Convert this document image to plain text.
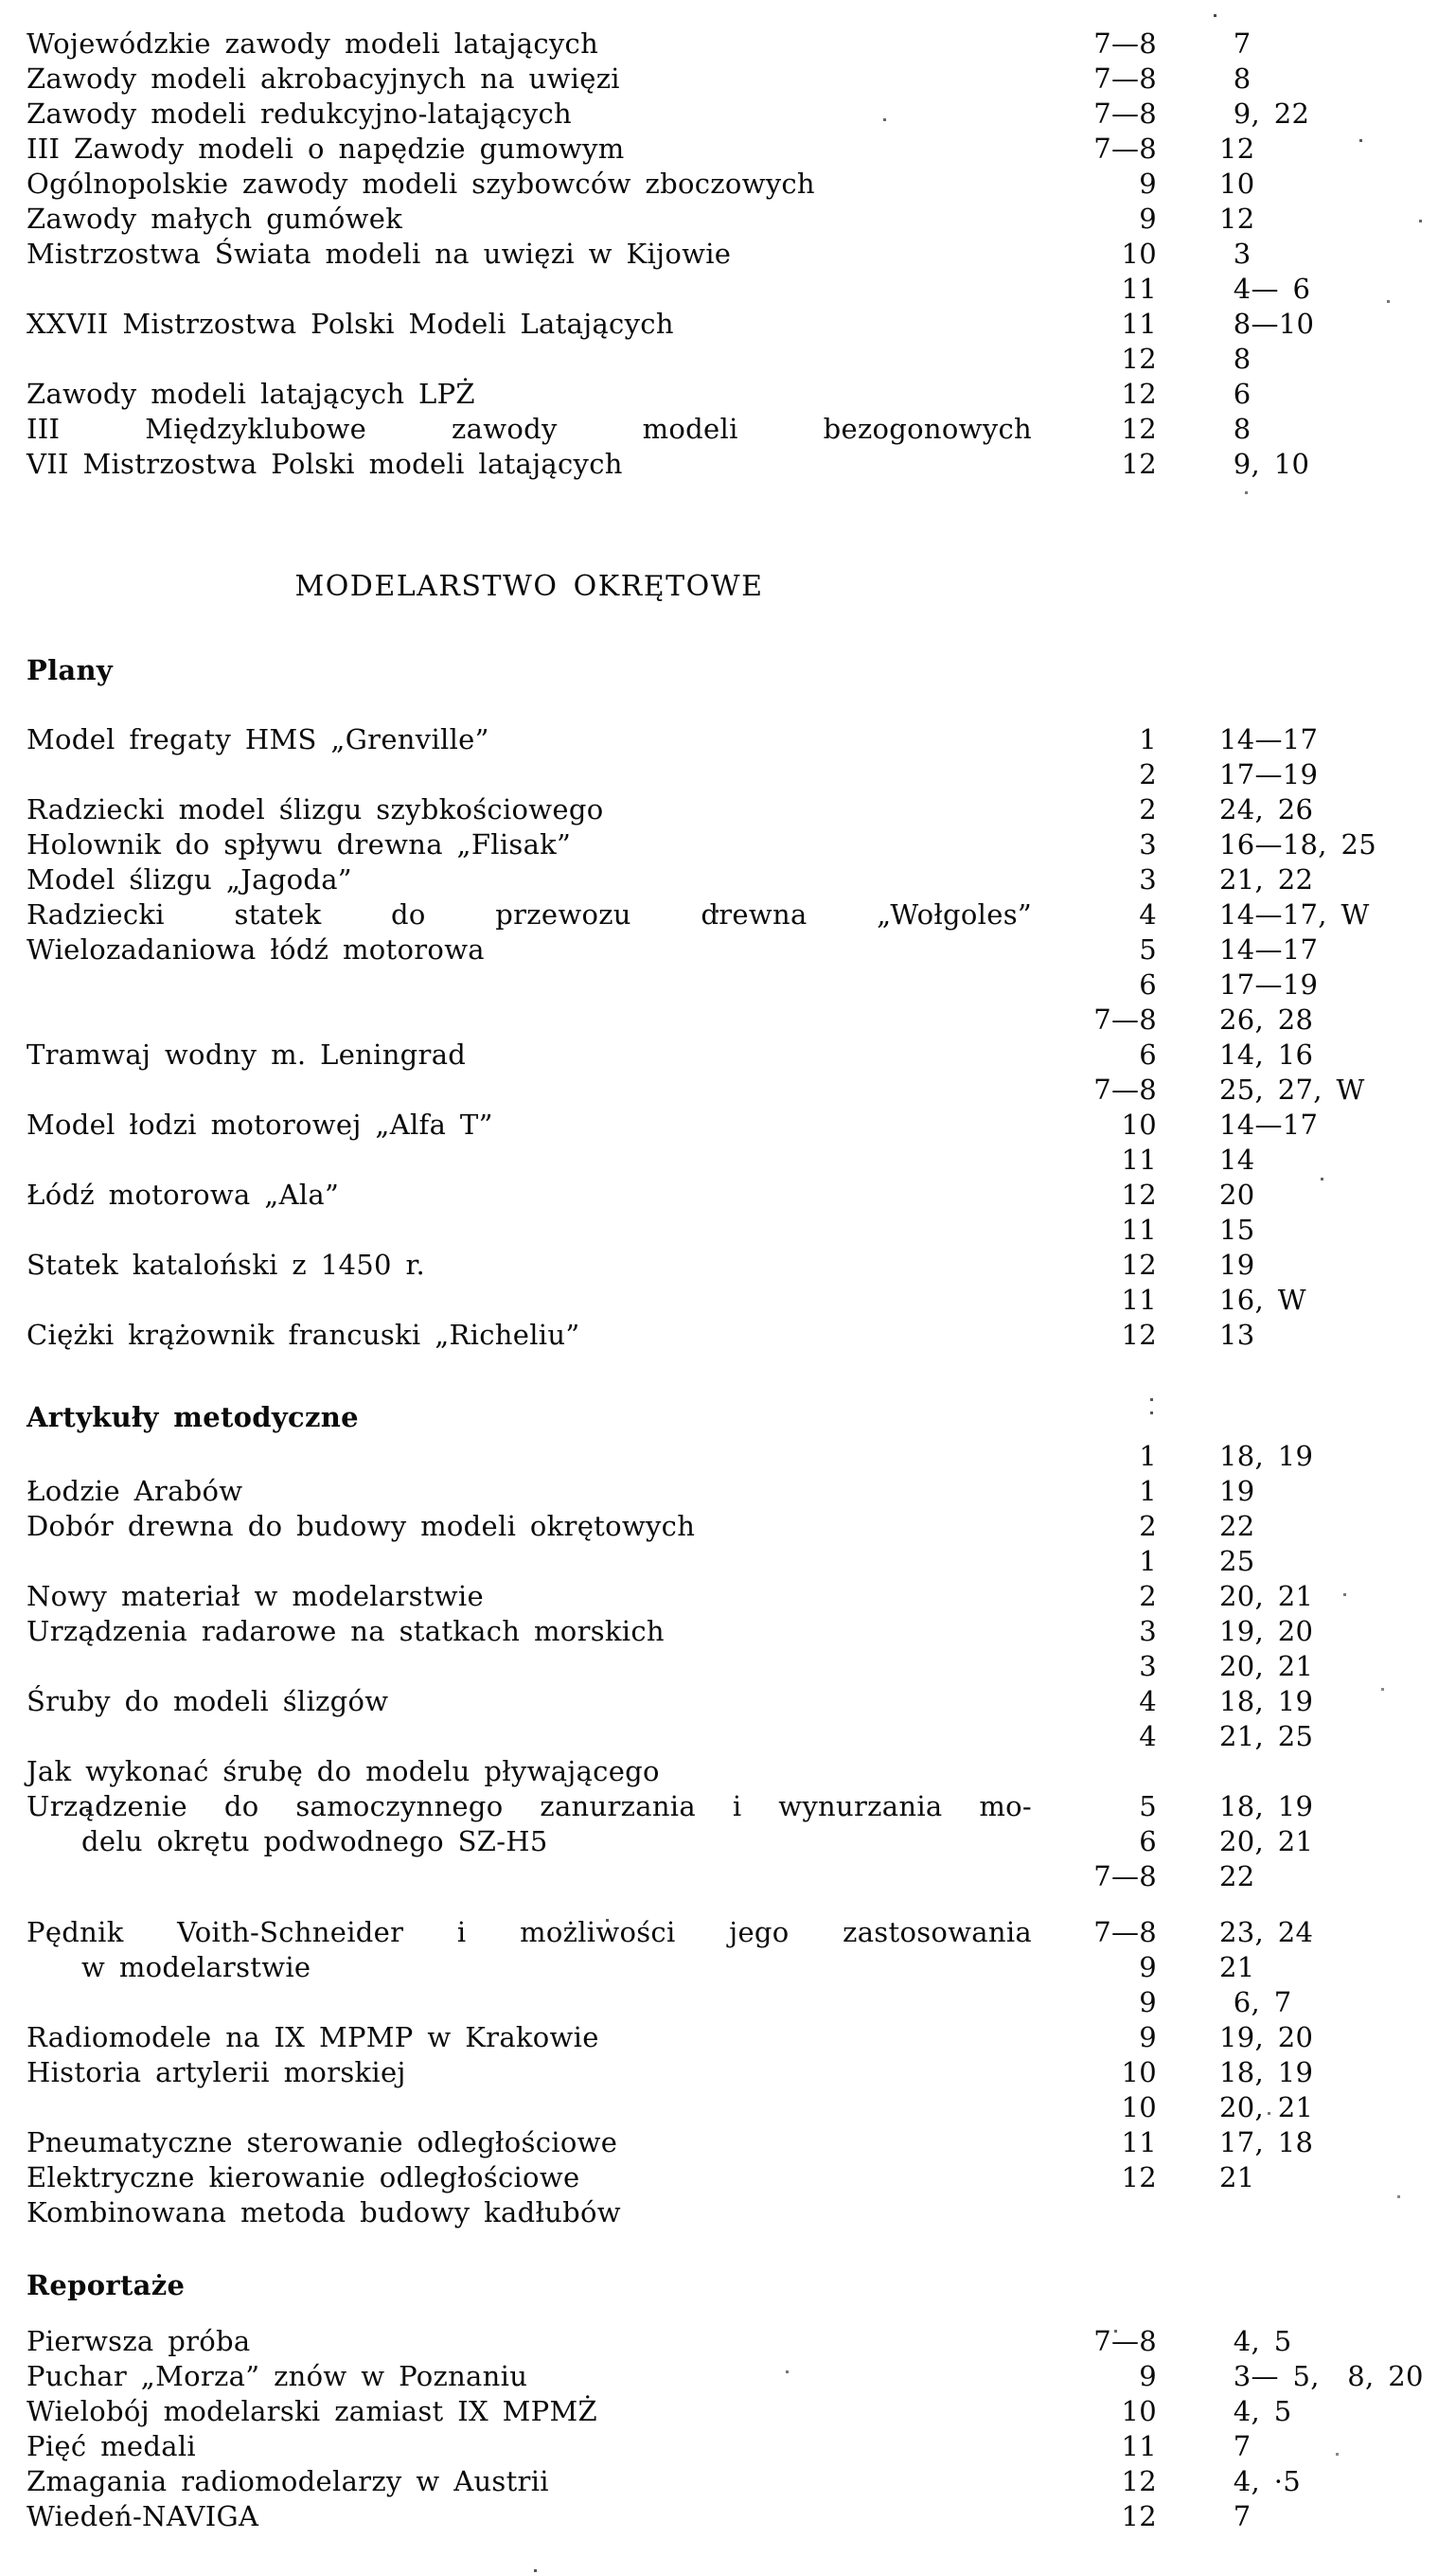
Wojewódzkie zawody modeli latających	7—8 7
Zawody modeli akrobacyjnych na uwięzi	7—8 8
Zawody modeli redukcyjno-latających	7—8 9, 22
III Zawody modeli o napędzie gumowym	7—8 12
Ogólnopolskie zawody modeli szybowców zboczowych	9 10
Zawody małych gumówek	9 12
Mistrzostwa Świata modeli na uwięzi w Kijowie	10 3
11 4— 6
XXVII Mistrzostwa Polski Modeli Latających	11 8—10
12 8
Zawody modeli latających LPŻ	12 6
III Międzyklubowe zawody modeli bezogonowych	12 8
VII Mistrzostwa Polski modeli latających	12 9, 10
MODELARSTWO OKRĘTOWE
Plany
Model fregaty HMS „Grenville”	1 14—17
2 17—19
Radziecki model ślizgu szybkościowego	2 24, 26
Holownik do spływu drewna „Flisak”	3 16—18, 25
Model ślizgu „Jagoda”	3 21, 22
Radziecki statek do przewozu drewna „Wołgoles”	4 14—17, W
Wielozadaniowa łódź motorowa	5 14—17
6 17—19
7—8 26, 28
Tramwaj wodny m. Leningrad	6 14, 16
7—8 25, 27, W
Model łodzi motorowej „Alfa T”	10 14—17
11 14
Łódź motorowa „Ala”	12 20
11 15
Statek kataloński z 1450 r.	12 19
11 16, W
Ciężki krążownik francuski „Richeliu”	12 13
Artykuły metodyczne
1 18, 19
Łodzie Arabów	1 19
Dobór drewna do budowy modeli okrętowych	2 22
1 25
Nowy materiał w modelarstwie	2 20, 21
Urządzenia radarowe na statkach morskich	3 19, 20
3 20, 21
Śruby do modeli ślizgów	4 18, 19
4 21, 25
Jak wykonać śrubę do modelu pływającego
Urządzenie do samoczynnego zanurzania i wynurzania mo-	5 18, 19
delu okrętu podwodnego SZ-H5	6 20, 21
7—8 22
Pędnik Voith-Schneider i możliwości jego zastosowania	7—8 23, 24
w modelarstwie	9 21
9 6, 7
Radiomodele na IX MPMP w Krakowie	9 19, 20
Historia artylerii morskiej	10 18, 19
10 20, 21
Pneumatyczne sterowanie odległościowe	11 17, 18
Elektryczne kierowanie odległościowe	12 21
Kombinowana metoda budowy kadłubów
Reportaże
Pierwsza próba	7—8 4, 5
Puchar „Morza” znów w Poznaniu	9 3— 5,  8, 20
Wielobój modelarski zamiast IX MPMŻ	10 4, 5
Pięć medali	11 7
Zmagania radiomodelarzy w Austrii	12 4, ·5
Wiedeń-NAVIGA	12 7
